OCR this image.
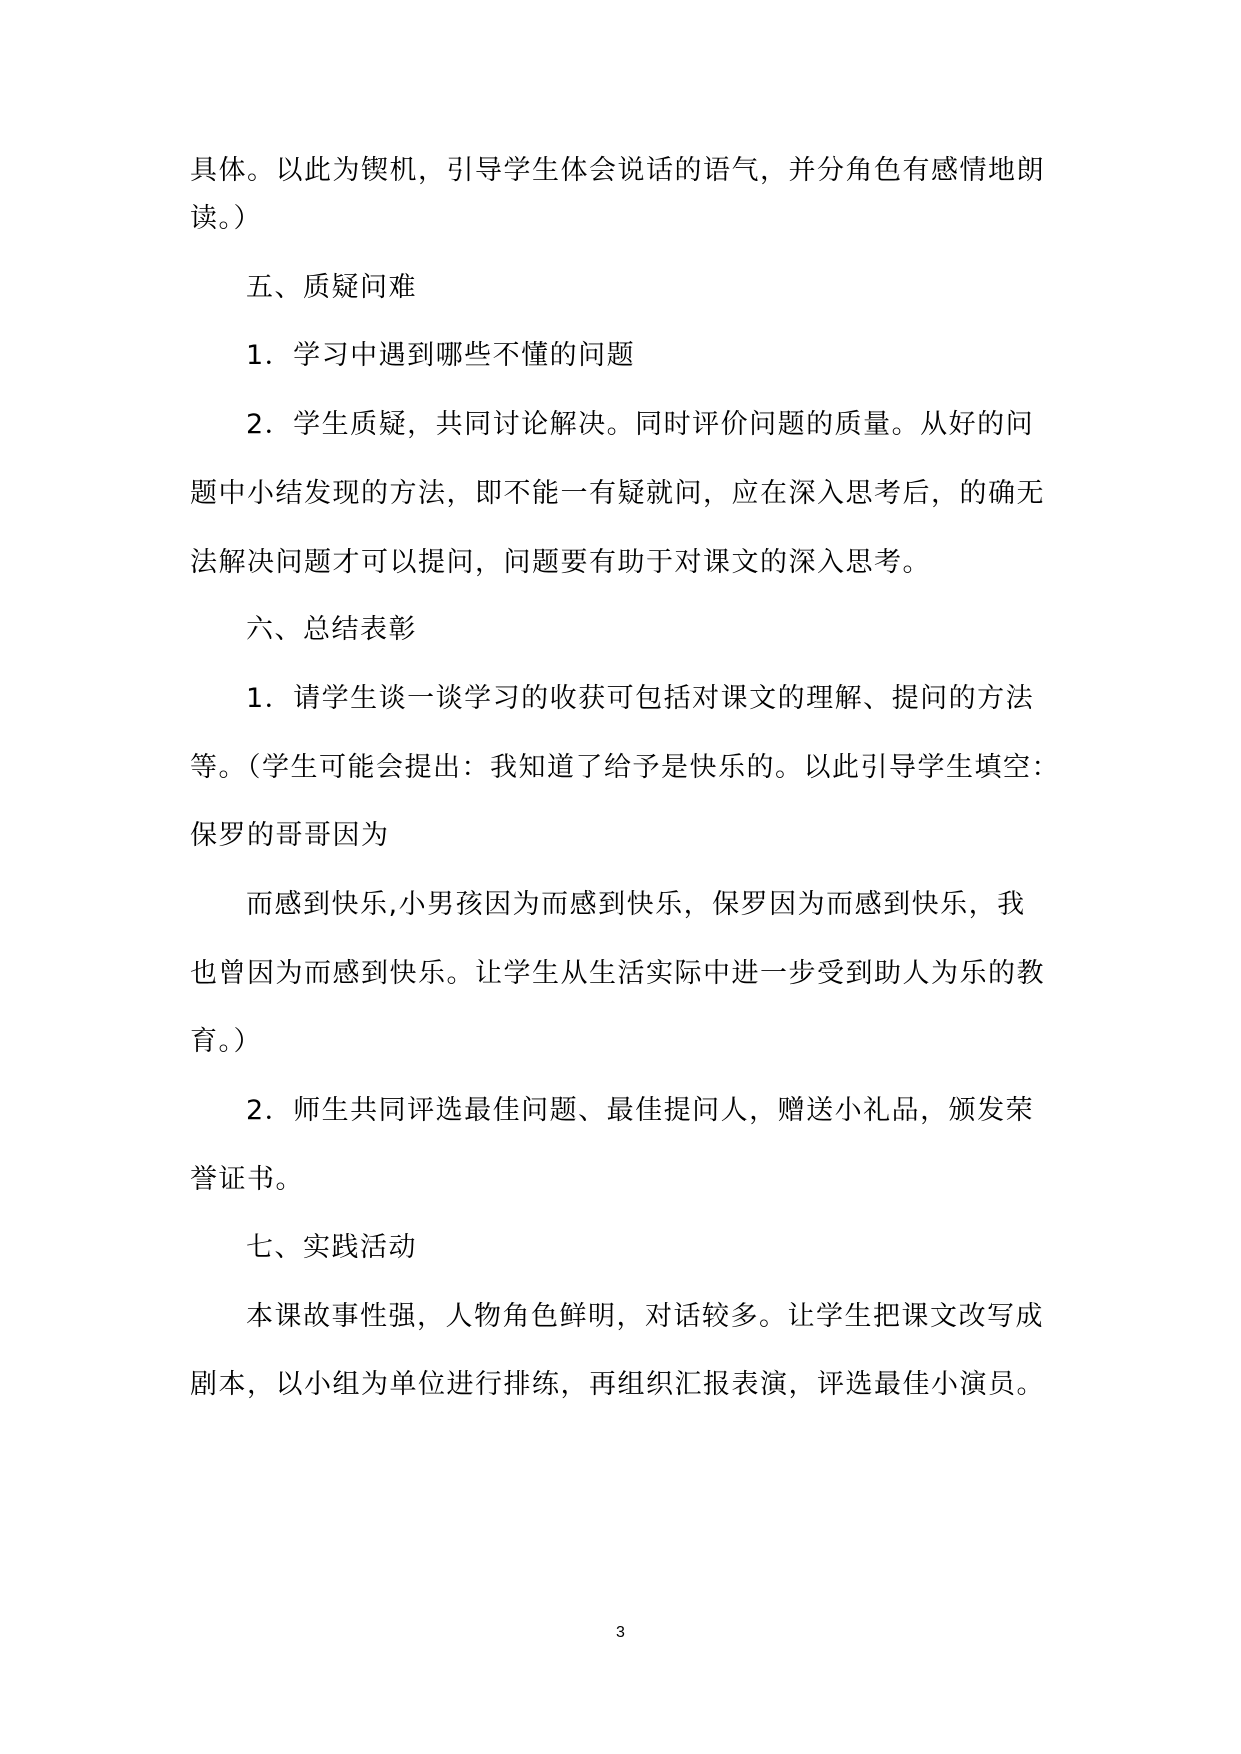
具体。以此为锲机，引导学生体会说话的语气，并分角色有感情地朗
读。）
五、质疑问难
1．学习中遇到哪些不懂的问题
2．学生质疑，共同讨论解决。同时评价问题的质量。从好的问
题中小结发现的方法，即不能一有疑就问，应在深入思考后，的确无
法解决问题才可以提问，问题要有助于对课文的深入思考。
六、总结表彰
1．请学生谈一谈学习的收获可包括对课文的理解、提问的方法
等。（学生可能会提出：我知道了给予是快乐的。以此引导学生填空：
保罗的哥哥因为
而感到快乐,小男孩因为而感到快乐，保罗因为而感到快乐，我
也曾因为而感到快乐。让学生从生活实际中进一步受到助人为乐的教
育。）
2．师生共同评选最佳问题、最佳提问人，赠送小礼品，颁发荣
誉证书。
七、实践活动
本课故事性强，人物角色鲜明，对话较多。让学生把课文改写成
剧本，以小组为单位进行排练，再组织汇报表演，评选最佳小演员。
3
